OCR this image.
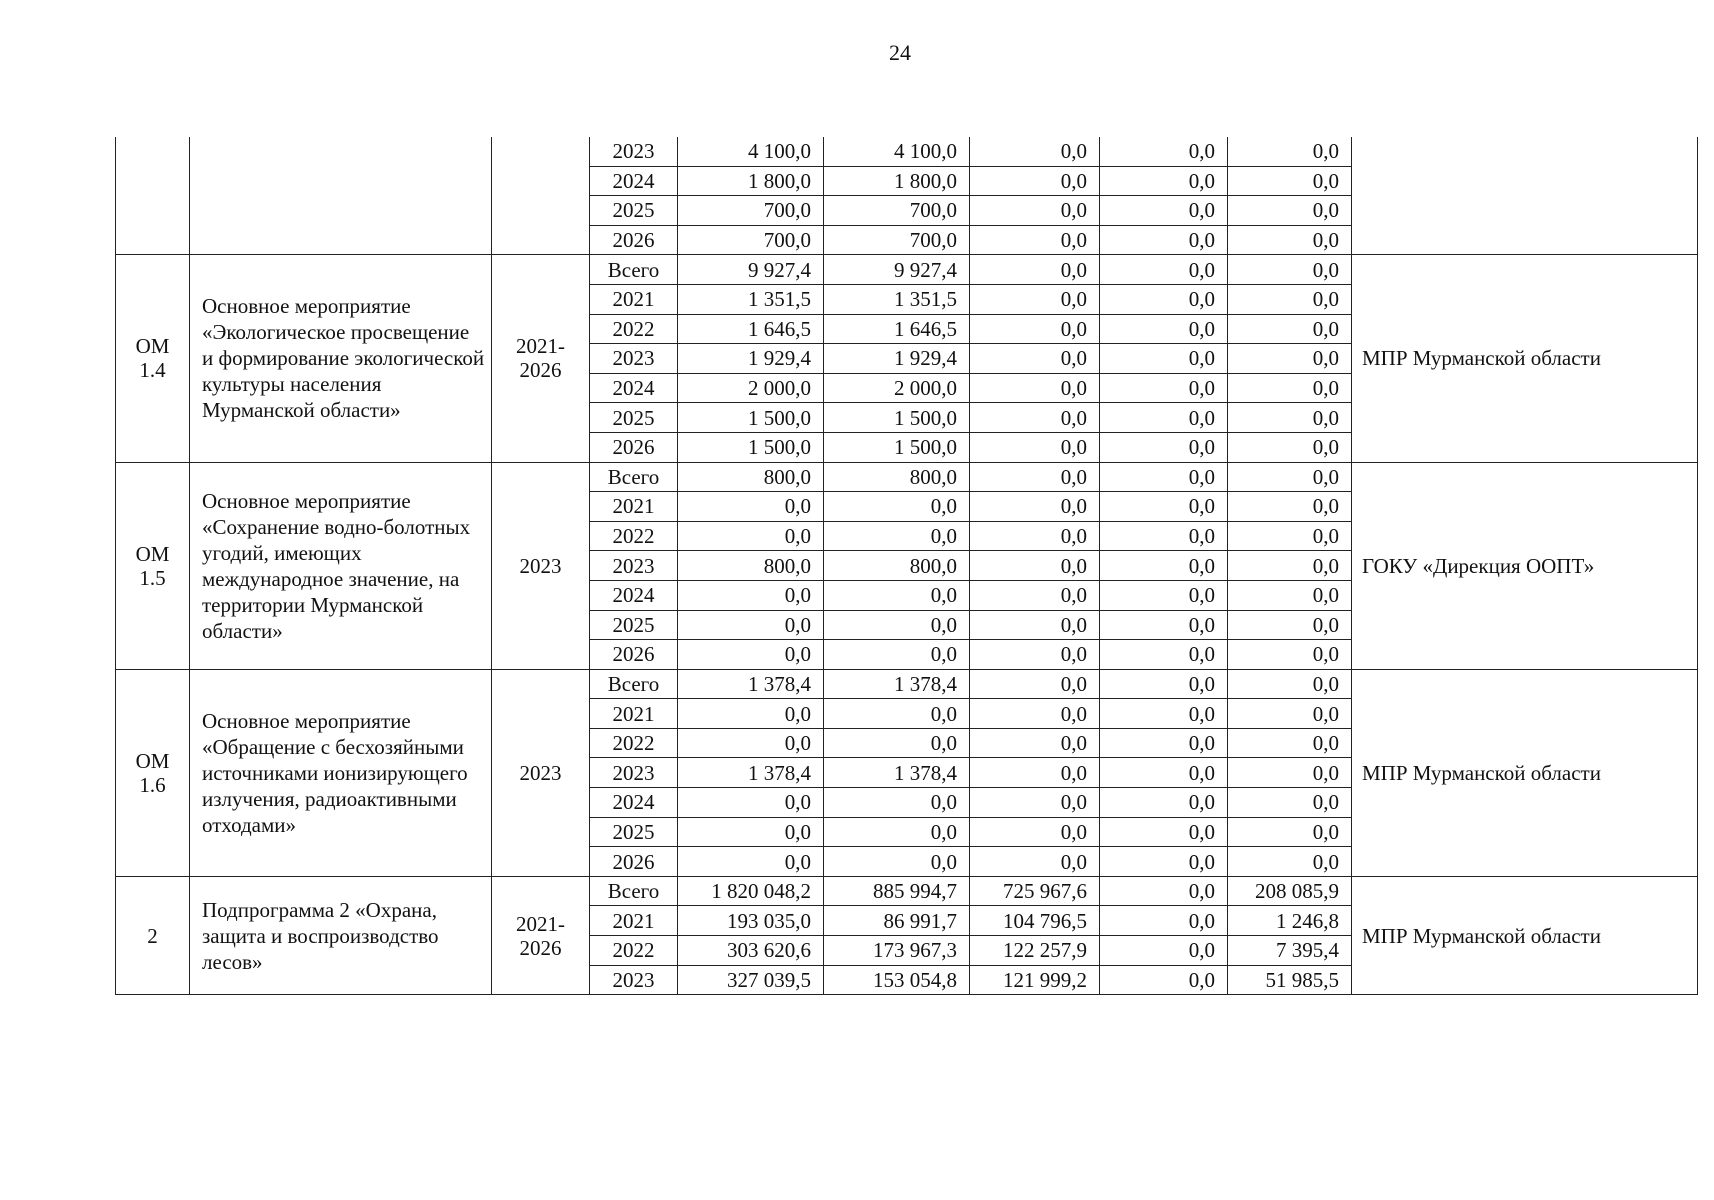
24
			2023	4 100,0	4 100,0	0,0	0,0	0,0	
			2024	1 800,0	1 800,0	0,0	0,0	0,0	
			2025	700,0	700,0	0,0	0,0	0,0	
			2026	700,0	700,0	0,0	0,0	0,0	
ОМ 1.4	Основное мероприятие «Экологическое просвещение и формирование экологической культуры населения Мурманской области»	2021-2026	Всего	9 927,4	9 927,4	0,0	0,0	0,0	МПР Мурманской области
			2021	1 351,5	1 351,5	0,0	0,0	0,0	
			2022	1 646,5	1 646,5	0,0	0,0	0,0	
			2023	1 929,4	1 929,4	0,0	0,0	0,0	
			2024	2 000,0	2 000,0	0,0	0,0	0,0	
			2025	1 500,0	1 500,0	0,0	0,0	0,0	
			2026	1 500,0	1 500,0	0,0	0,0	0,0	
ОМ 1.5	Основное мероприятие «Сохранение водно-болотных угодий, имеющих международное значение, на территории Мурманской области»	2023	Всего	800,0	800,0	0,0	0,0	0,0	ГОКУ «Дирекция ООПТ»
			2021	0,0	0,0	0,0	0,0	0,0	
			2022	0,0	0,0	0,0	0,0	0,0	
			2023	800,0	800,0	0,0	0,0	0,0	
			2024	0,0	0,0	0,0	0,0	0,0	
			2025	0,0	0,0	0,0	0,0	0,0	
			2026	0,0	0,0	0,0	0,0	0,0	
ОМ 1.6	Основное мероприятие «Обращение с бесхозяйными источниками ионизирующего излучения, радиоактивными отходами»	2023	Всего	1 378,4	1 378,4	0,0	0,0	0,0	МПР Мурманской области
			2021	0,0	0,0	0,0	0,0	0,0	
			2022	0,0	0,0	0,0	0,0	0,0	
			2023	1 378,4	1 378,4	0,0	0,0	0,0	
			2024	0,0	0,0	0,0	0,0	0,0	
			2025	0,0	0,0	0,0	0,0	0,0	
			2026	0,0	0,0	0,0	0,0	0,0	
2	Подпрограмма 2 «Охрана, защита и воспроизводство лесов»	2021-2026	Всего	1 820 048,2	885 994,7	725 967,6	0,0	208 085,9	МПР Мурманской области
			2021	193 035,0	86 991,7	104 796,5	0,0	1 246,8	
			2022	303 620,6	173 967,3	122 257,9	0,0	7 395,4	
			2023	327 039,5	153 054,8	121 999,2	0,0	51 985,5	
